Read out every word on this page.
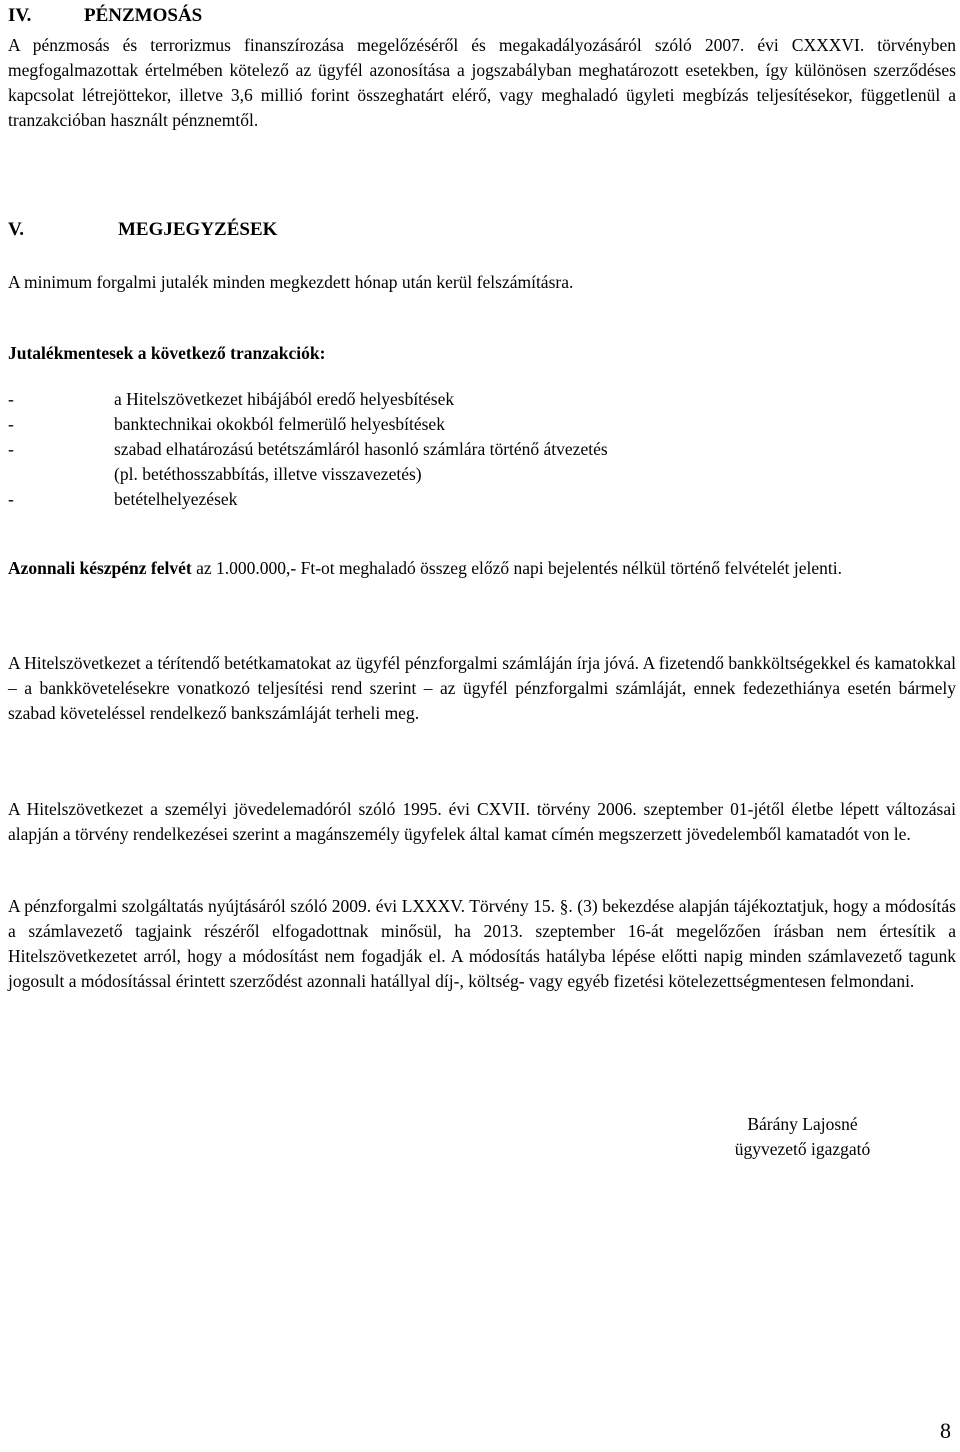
IV.	PÉNZMOSÁS

A pénzmosás és terrorizmus finanszírozása megelőzéséről és megakadályozásáról szóló 2007. évi CXXXVI. törvényben megfogalmazottak értelmében kötelező az ügyfél azonosítása a jogszabályban meghatározott esetekben, így különösen szerződéses kapcsolat létrejöttekor, illetve 3,6 millió forint összeghatárt elérő, vagy meghaladó ügyleti megbízás teljesítésekor, függetlenül a tranzakcióban használt pénznemtől.

V.	MEGJEGYZÉSEK

A minimum forgalmi jutalék minden megkezdett hónap után kerül felszámításra.

Jutalékmentesek a következő tranzakciók:

-	a Hitelszövetkezet hibájából eredő helyesbítések
-	banktechnikai okokból felmerülő helyesbítések
-	szabad elhatározású betétszámláról hasonló számlára történő átvezetés
(pl. betéthosszabbítás, illetve visszavezetés)
-	betételhelyezések

Azonnali készpénz felvét az 1.000.000,- Ft-ot meghaladó összeg előző napi bejelentés nélkül történő felvételét jelenti.

A Hitelszövetkezet a térítendő betétkamatokat az ügyfél pénzforgalmi számláján írja jóvá. A fizetendő bankköltségekkel és kamatokkal – a bankkövetelésekre vonatkozó teljesítési rend szerint – az ügyfél pénzforgalmi számláját, ennek fedezethiánya esetén bármely szabad követeléssel rendelkező bankszámláját terheli meg.

A Hitelszövetkezet a személyi jövedelemadóról szóló 1995. évi CXVII. törvény 2006. szeptember 01-jétől életbe lépett változásai alapján a törvény rendelkezései szerint a magánszemély ügyfelek által kamat címén megszerzett jövedelemből kamatadót von le.

A pénzforgalmi szolgáltatás nyújtásáról szóló 2009. évi LXXXV. Törvény 15. §. (3) bekezdése alapján tájékoztatjuk, hogy a módosítás a számlavezető tagjaink részéről elfogadottnak minősül, ha 2013. szeptember 16-át megelőzően írásban nem értesítik a Hitelszövetkezetet arról, hogy a módosítást nem fogadják el. A módosítás hatályba lépése előtti napig minden számlavezető tagunk jogosult a módosítással érintett szerződést azonnali hatállyal díj-, költség- vagy egyéb fizetési kötelezettségmentesen felmondani.

Bárány Lajosné
ügyvezető igazgató
8
